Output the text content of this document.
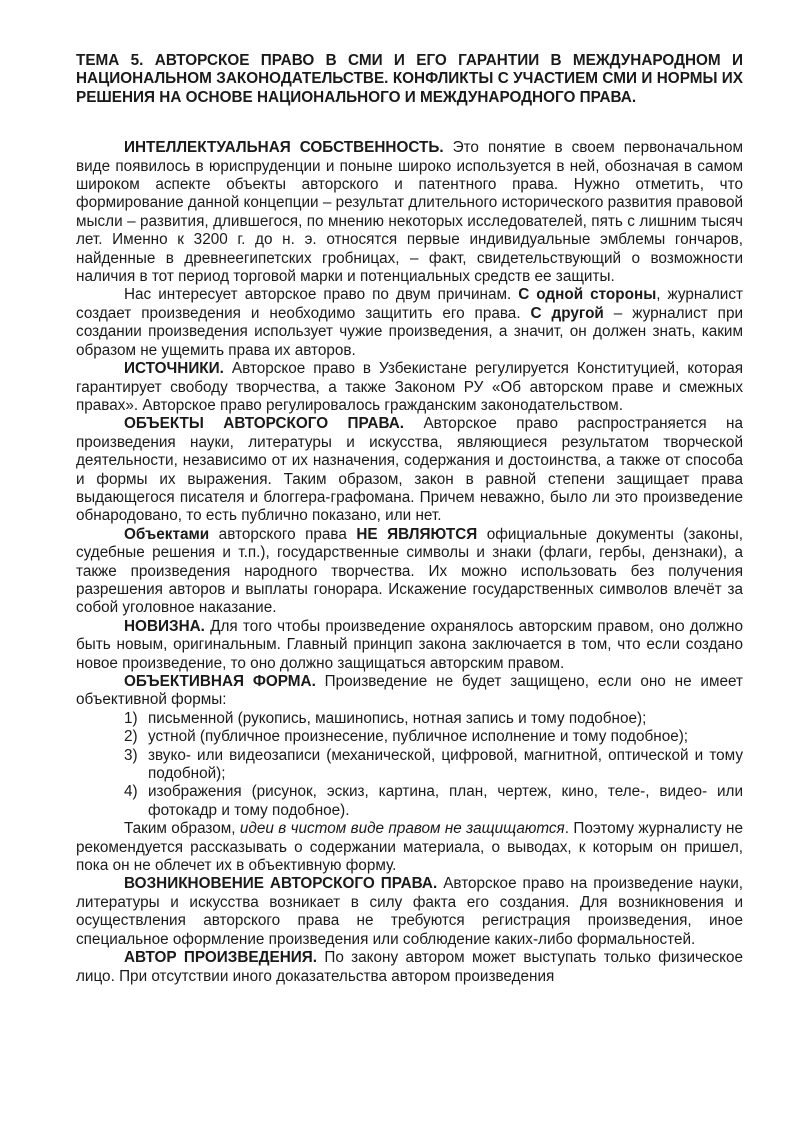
ТЕМА 5. АВТОРСКОЕ ПРАВО В СМИ И ЕГО ГАРАНТИИ В МЕЖДУНАРОДНОМ И НАЦИОНАЛЬНОМ ЗАКОНОДАТЕЛЬСТВЕ. КОНФЛИКТЫ С УЧАСТИЕМ СМИ И НОРМЫ ИХ РЕШЕНИЯ НА ОСНОВЕ НАЦИОНАЛЬНОГО И МЕЖДУНАРОДНОГО ПРАВА.

ИНТЕЛЛЕКТУАЛЬНАЯ СОБСТВЕННОСТЬ. Это понятие в своем первоначальном виде появилось в юриспруденции и поныне широко используется в ней, обозначая в самом широком аспекте объекты авторского и патентного права. Нужно отметить, что формирование данной концепции – результат длительного исторического развития правовой мысли – развития, длившегося, по мнению некоторых исследователей, пять с лишним тысяч лет. Именно к 3200 г. до н. э. относятся первые индивидуальные эмблемы гончаров, найденные в древнеегипетских гробницах, – факт, свидетельствующий о возможности наличия в тот период торговой марки и потенциальных средств ее защиты.

Нас интересует авторское право по двум причинам. С одной стороны, журналист создает произведения и необходимо защитить его права. С другой – журналист при создании произведения использует чужие произведения, а значит, он должен знать, каким образом не ущемить права их авторов.

ИСТОЧНИКИ. Авторское право в Узбекистане регулируется Конституцией, которая гарантирует свободу творчества, а также Законом РУ «Об авторском праве и смежных правах». Авторское право регулировалось гражданским законодательством.

ОБЪЕКТЫ АВТОРСКОГО ПРАВА. Авторское право распространяется на произведения науки, литературы и искусства, являющиеся результатом творческой деятельности, независимо от их назначения, содержания и достоинства, а также от способа и формы их выражения. Таким образом, закон в равной степени защищает права выдающегося писателя и блоггера-графомана. Причем неважно, было ли это произведение обнародовано, то есть публично показано, или нет.

Объектами авторского права НЕ ЯВЛЯЮТСЯ официальные документы (законы, судебные решения и т.п.), государственные символы и знаки (флаги, гербы, дензнаки), а также произведения народного творчества. Их можно использовать без получения разрешения авторов и выплаты гонорара. Искажение государственных символов влечёт за собой уголовное наказание.

НОВИЗНА. Для того чтобы произведение охранялось авторским правом, оно должно быть новым, оригинальным. Главный принцип закона заключается в том, что если создано новое произведение, то оно должно защищаться авторским правом.

ОБЪЕКТИВНАЯ ФОРМА. Произведение не будет защищено, если оно не имеет объективной формы:

1) письменной (рукопись, машинопись, нотная запись и тому подобное);
2) устной (публичное произнесение, публичное исполнение и тому подобное);
3) звуко- или видеозаписи (механической, цифровой, магнитной, оптической и тому подобной);
4) изображения (рисунок, эскиз, картина, план, чертеж, кино, теле-, видео- или фотокадр и тому подобное).

Таким образом, идеи в чистом виде правом не защищаются. Поэтому журналисту не рекомендуется рассказывать о содержании материала, о выводах, к которым он пришел, пока он не облечет их в объективную форму.

ВОЗНИКНОВЕНИЕ АВТОРСКОГО ПРАВА. Авторское право на произведение науки, литературы и искусства возникает в силу факта его создания. Для возникновения и осуществления авторского права не требуются регистрация произведения, иное специальное оформление произведения или соблюдение каких-либо формальностей.

АВТОР ПРОИЗВЕДЕНИЯ. По закону автором может выступать только физическое лицо. При отсутствии иного доказательства автором произведения
